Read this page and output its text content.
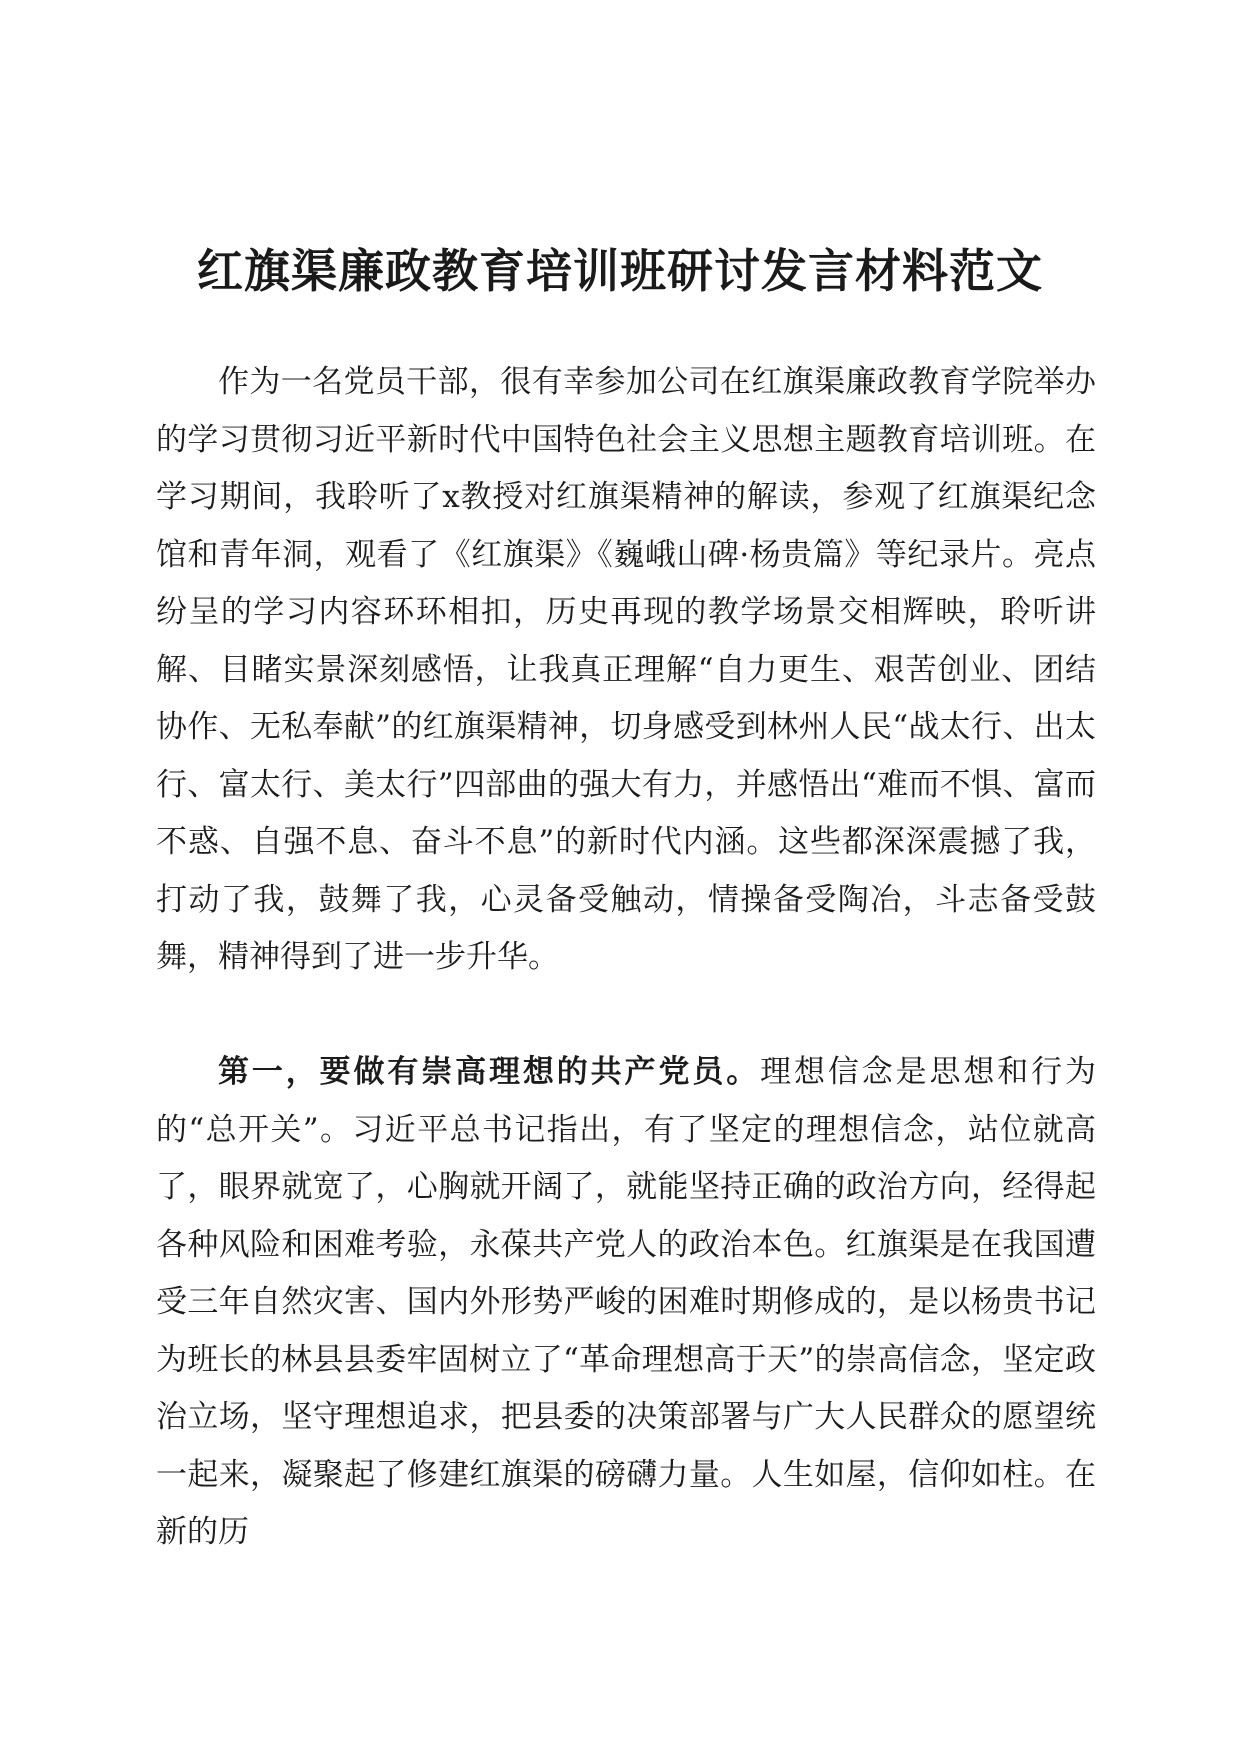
红旗渠廉政教育培训班研讨发言材料范文

作为一名党员干部，很有幸参加公司在红旗渠廉政教育学院举办的学习贯彻习近平新时代中国特色社会主义思想主题教育培训班。在学习期间，我聆听了x教授对红旗渠精神的解读，参观了红旗渠纪念馆和青年洞，观看了《红旗渠》《巍峨山碑·杨贵篇》等纪录片。亮点纷呈的学习内容环环相扣，历史再现的教学场景交相辉映，聆听讲解、目睹实景深刻感悟，让我真正理解“自力更生、艰苦创业、团结协作、无私奉献”的红旗渠精神，切身感受到林州人民“战太行、出太行、富太行、美太行”四部曲的强大有力，并感悟出“难而不惧、富而不惑、自强不息、奋斗不息”的新时代内涵。这些都深深震撼了我，打动了我，鼓舞了我，心灵备受触动，情操备受陶冶，斗志备受鼓舞，精神得到了进一步升华。

第一，要做有崇高理想的共产党员。理想信念是思想和行为的“总开关”。习近平总书记指出，有了坚定的理想信念，站位就高了，眼界就宽了，心胸就开阔了，就能坚持正确的政治方向，经得起各种风险和困难考验，永葆共产党人的政治本色。红旗渠是在我国遭受三年自然灾害、国内外形势严峻的困难时期修成的，是以杨贵书记为班长的林县县委牢固树立了“革命理想高于天”的崇高信念，坚定政治立场，坚守理想追求，把县委的决策部署与广大人民群众的愿望统一起来，凝聚起了修建红旗渠的磅礴力量。人生如屋，信仰如柱。在新的历
